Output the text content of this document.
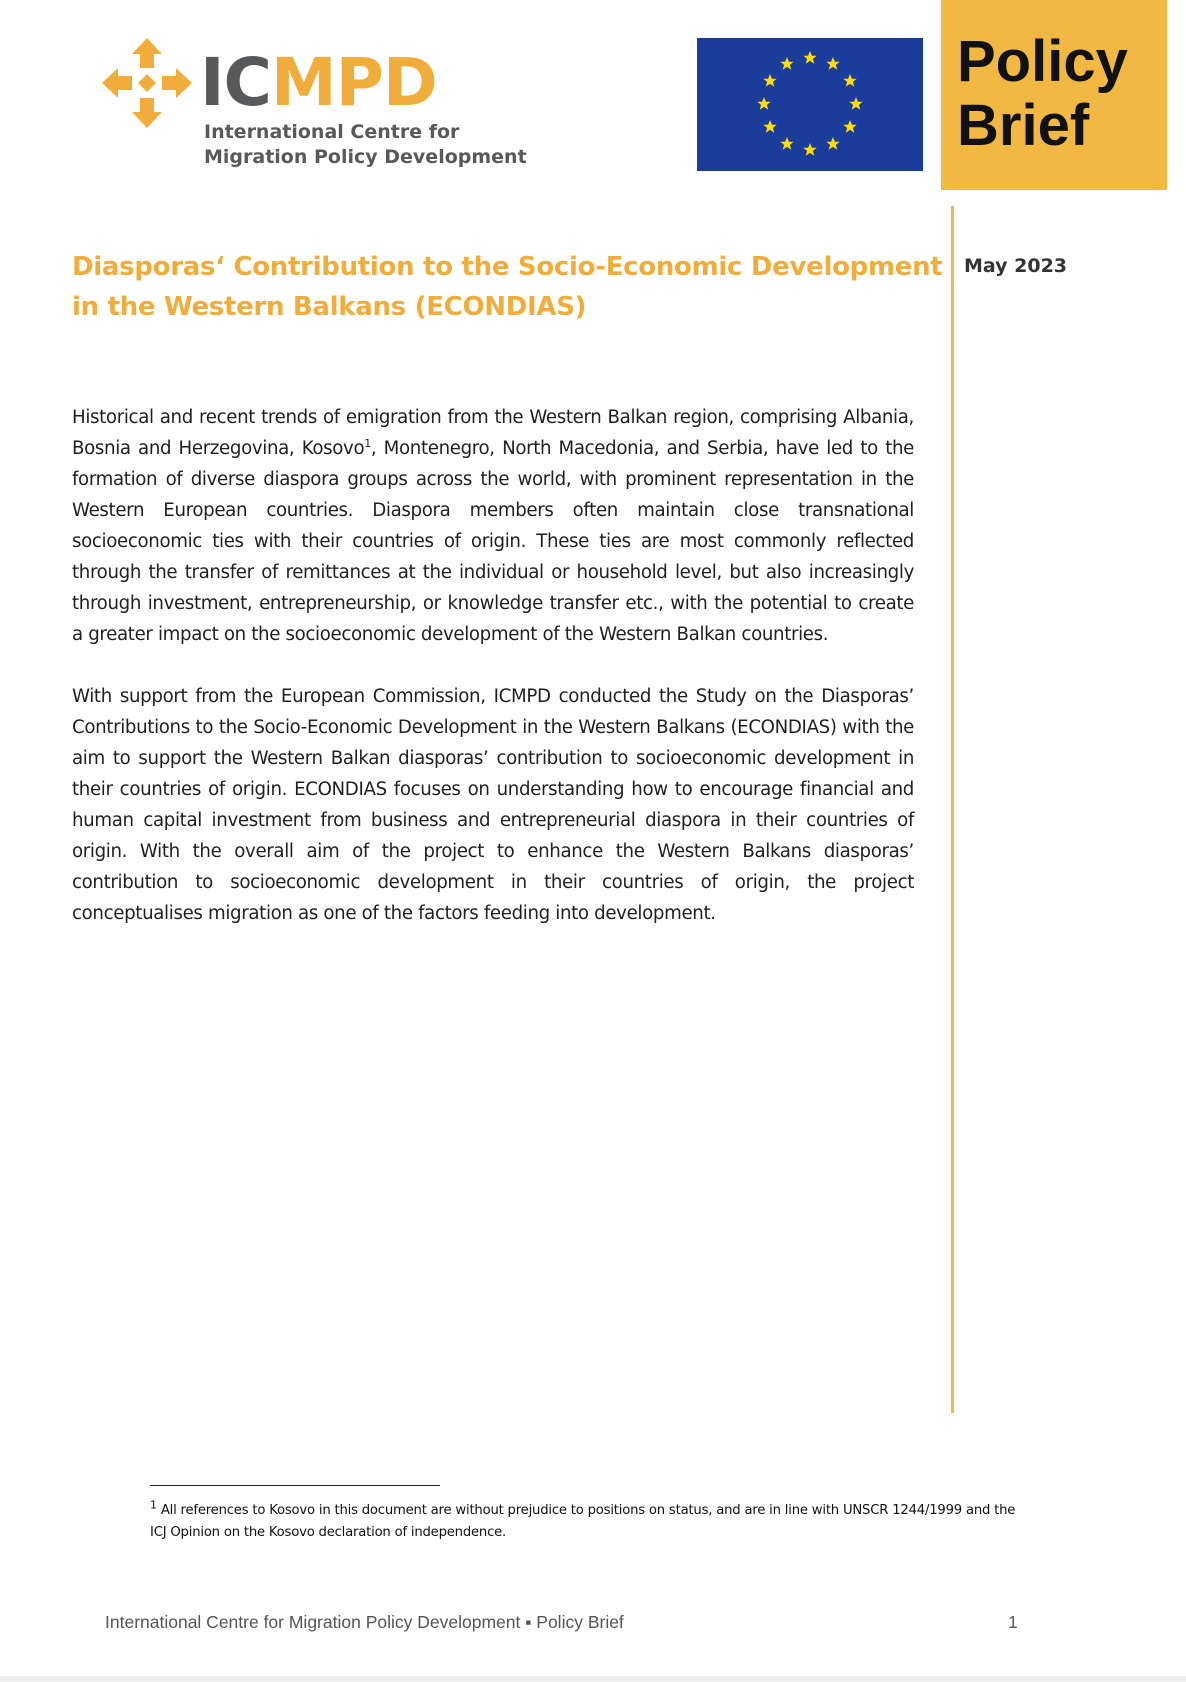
ICMPD
International Centre for
Migration Policy Development
Policy
Brief
May 2023
Diasporas‘ Contribution to the Socio-Economic Development
in the Western Balkans (ECONDIAS)

Historical and recent trends of emigration from the Western Balkan region, comprising Albania, Bosnia and Herzegovina, Kosovo$^1$, Montenegro, North Macedonia, and Serbia, have led to the formation of diverse diaspora groups across the world, with prominent representation in the Western European countries. Diaspora members often maintain close transnational socioeconomic ties with their countries of origin. These ties are most commonly reflected through the transfer of remittances at the individual or household level, but also increasingly through investment, entrepreneurship, or knowledge transfer etc., with the potential to create a greater impact on the socioeconomic development of the Western Balkan countries.

With support from the European Commission, ICMPD conducted the Study on the Diasporas’ Contributions to the Socio-Economic Development in the Western Balkans (ECONDIAS) with the aim to support the Western Balkan diasporas’ contribution to socioeconomic development in their countries of origin. ECONDIAS focuses on understanding how to encourage financial and human capital investment from business and entrepreneurial diaspora in their countries of origin. With the overall aim of the project to enhance the Western Balkans diasporas’ contribution to socioeconomic development in their countries of origin, the project conceptualises migration as one of the factors feeding into development.

$^1$ All references to Kosovo in this document are without prejudice to positions on status, and are in line with UNSCR 1244/1999 and the ICJ Opinion on the Kosovo declaration of independence.
International Centre for Migration Policy Development ▪ Policy Brief	1
